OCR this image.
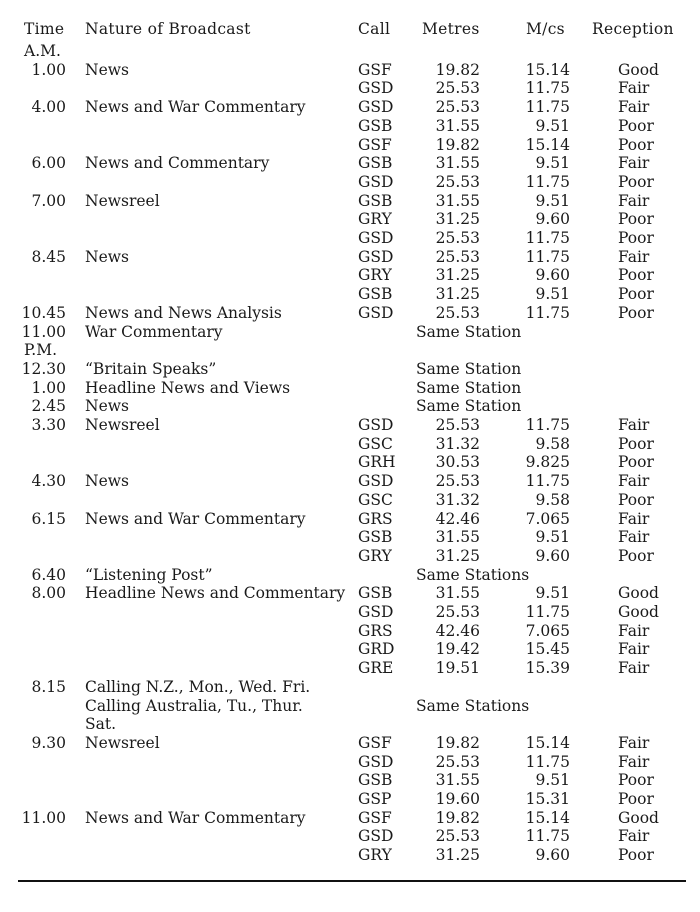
Time Nature of Broadcast	Call Metres	M/cs Reception
A.M.
1.00 News	GSF	19.82	15.14	Good
GSD	25.53	11.75	Fair
4.00 News and War Commentary	GSD	25.53	11.75	Fair
GSB	31.55	9.51	Poor
GSF	19.82	15.14	Poor
6.00 News and Commentary	GSB	31.55	9.51	Fair
GSD	25.53	11.75	Poor
7.00 Newsreel	GSB	31.55	9.51	Fair
GRY	31.25	9.60	Poor
GSD	25.53	11.75	Poor
8.45 News	GSD	25.53	11.75	Fair
GRY	31.25	9.60	Poor
GSB	31.25	9.51	Poor
10.45 News and News Analysis	GSD	25.53	11.75	Poor
11.00 War Commentary	Same Station
P.M.
12.30 “Britain Speaks”	Same Station
1.00 Headline News and Views	Same Station
2.45 News	Same Station
3.30 Newsreel	GSD	25.53	11.75	Fair
GSC	31.32	9.58	Poor
GRH	30.53	9.825	Poor
4.30 News	GSD	25.53	11.75	Fair
GSC	31.32	9.58	Poor
6.15 News and War Commentary	GRS	42.46	7.065	Fair
GSB	31.55	9.51	Fair
GRY	31.25	9.60	Poor
6.40 “Listening Post”	Same Stations
8.00 Headline News and Commentary GSB	31.55	9.51	Good
GSD	25.53	11.75	Good
GRS	42.46	7.065	Fair
GRD	19.42	15.45	Fair
GRE	19.51	15.39	Fair
8.15 Calling N.Z., Mon., Wed. Fri.
Calling Australia, Tu., Thur.	Same Stations
Sat.
9.30 Newsreel	GSF	19.82	15.14	Fair
GSD	25.53	11.75	Fair
GSB	31.55	9.51	Poor
GSP	19.60	15.31	Poor
11.00 News and War Commentary	GSF	19.82	15.14	Good
GSD	25.53	11.75	Fair
GRY	31.25	9.60	Poor
